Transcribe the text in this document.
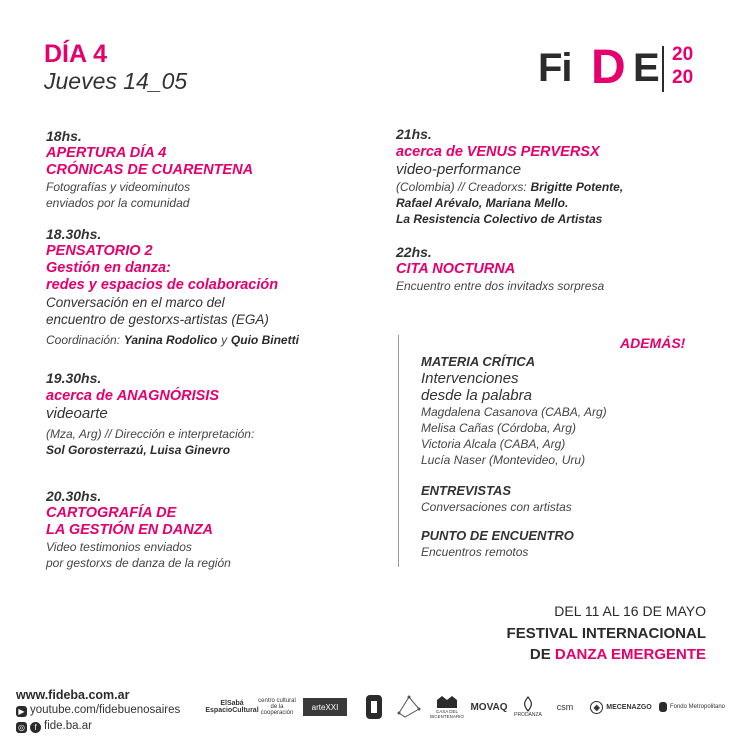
DÍA 4
Jueves 14_05	Fi D E 20
20
18hs.
APERTURA DÍA 4
CRÓNICAS DE CUARENTENA
Fotografías y videominutos
enviados por la comunidad
18.30hs.
PENSATORIO 2
Gestión en danza:
redes y espacios de colaboración
Conversación en el marco del
encuentro de gestorxs-artistas (EGA)
Coordinación: Yanina Rodolico y Quio Binetti
19.30hs.
acerca de ANAGNÓRISIS
videoarte
(Mza, Arg) // Dirección e interpretación:
Sol Gorosterrazú, Luisa Ginevro
20.30hs.
CARTOGRAFÍA DE
LA GESTIÓN EN DANZA
Video testimonios enviados
por gestorxs de danza de la región
21hs.
acerca de VENUS PERVERSX
video-performance
(Colombia) // Creadorxs: Brigitte Potente,
Rafael Arévalo, Mariana Mello.
La Resistencia Colectivo de Artistas
22hs.
CITA NOCTURNA
Encuentro entre dos invitadxs sorpresa
ADEMÁS!
MATERIA CRÍTICA
Intervenciones
desde la palabra
Magdalena Casanova (CABA, Arg)
Melisa Cañas (Córdoba, Arg)
Victoria Alcala (CABA, Arg)
Lucía Naser (Montevideo, Uru)
ENTREVISTAS
Conversaciones con artistas
PUNTO DE ENCUENTRO
Encuentros remotos
DEL 11 AL 16 DE MAYO
FESTIVAL INTERNACIONAL
DE DANZA EMERGENTE
www.fideba.com.ar
▶ youtube.com/fidebuenosaires
◎ f fide.ba.ar
ElSabá EspacioCultural
centro cultural de la cooperación
arteXXI	CASA DEL BICENTENARIO
MOVAQ
PRODANZA
csm	◈ MECENAZGO	Fondo Metropolitano
